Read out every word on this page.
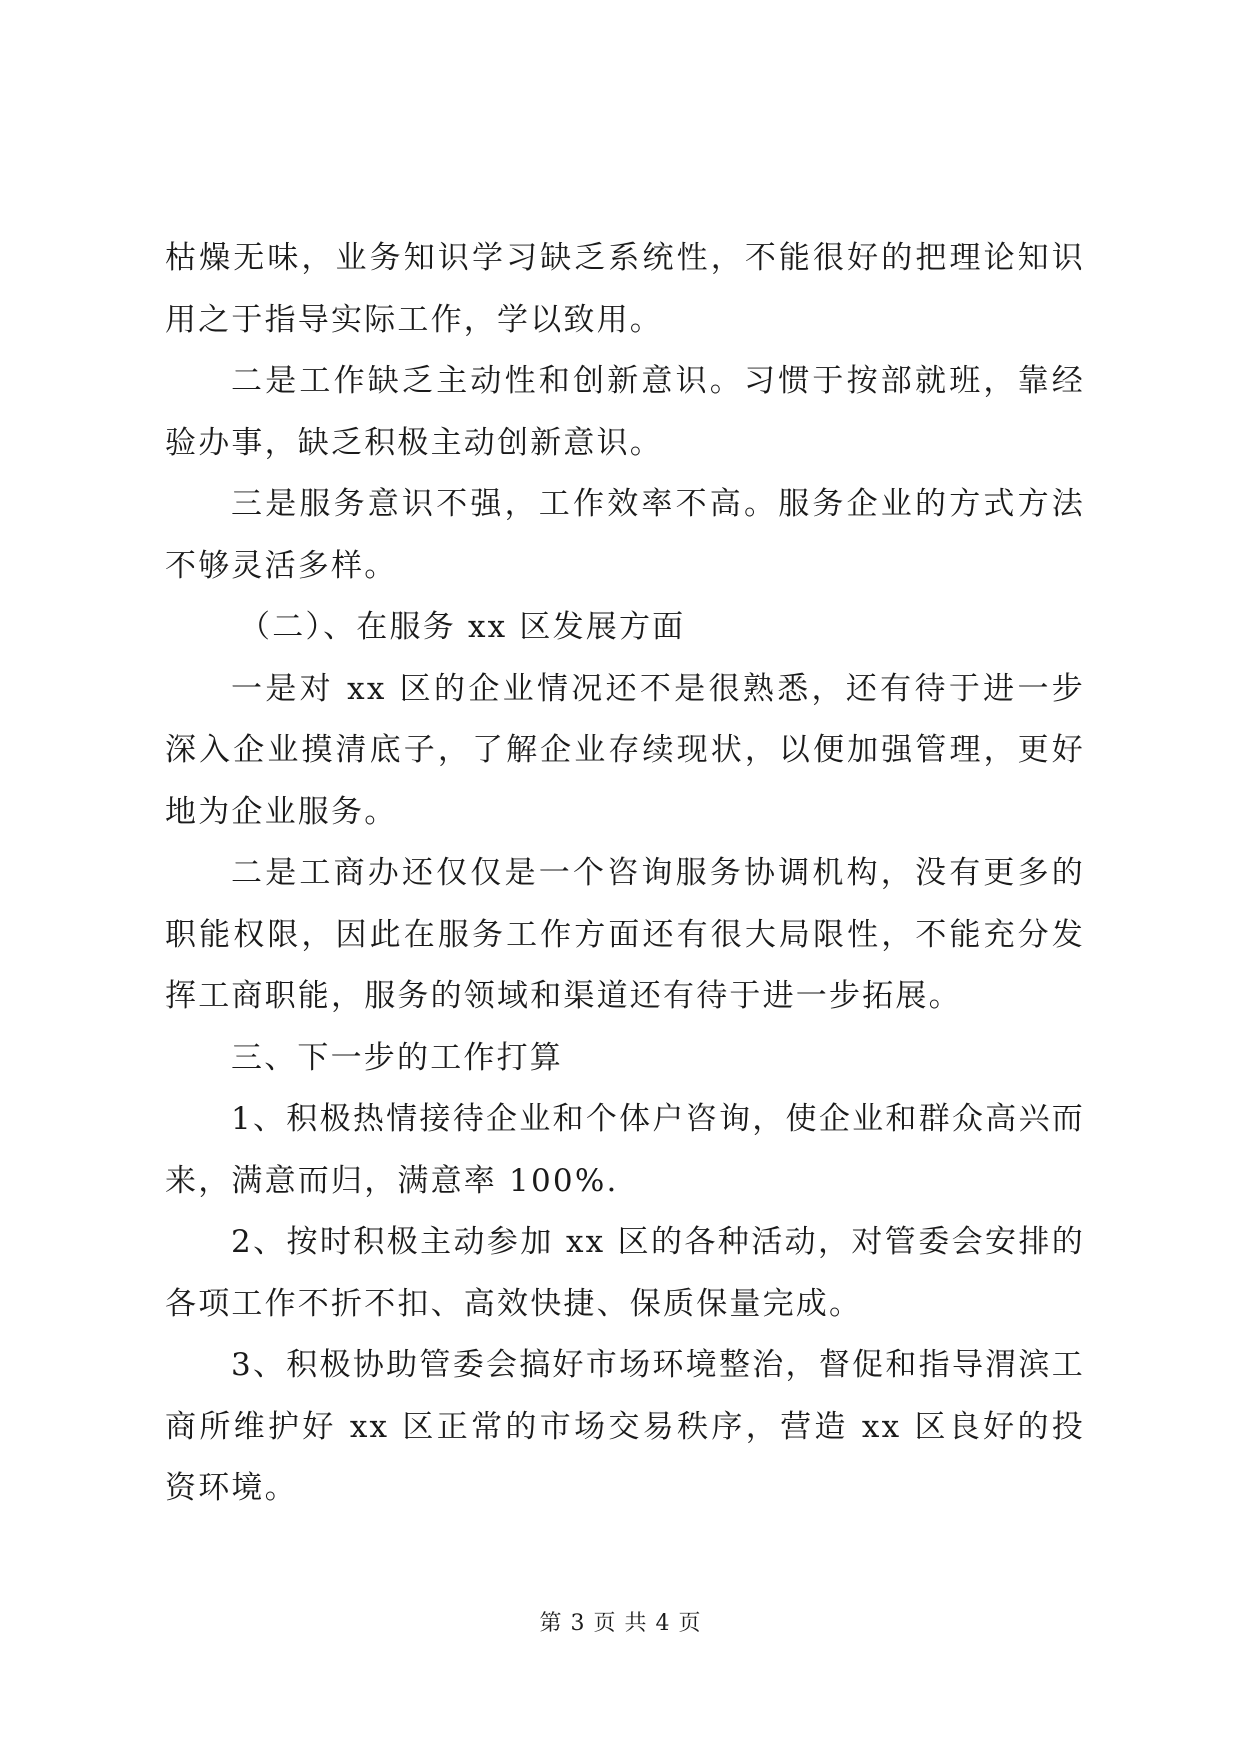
枯燥无味，业务知识学习缺乏系统性，不能很好的把理论知识用之于指导实际工作，学以致用。

二是工作缺乏主动性和创新意识。习惯于按部就班，靠经验办事，缺乏积极主动创新意识。

三是服务意识不强，工作效率不高。服务企业的方式方法不够灵活多样。

（二）、在服务 xx 区发展方面

一是对 xx 区的企业情况还不是很熟悉，还有待于进一步深入企业摸清底子，了解企业存续现状，以便加强管理，更好地为企业服务。

二是工商办还仅仅是一个咨询服务协调机构，没有更多的职能权限，因此在服务工作方面还有很大局限性，不能充分发挥工商职能，服务的领域和渠道还有待于进一步拓展。

三、下一步的工作打算

1、积极热情接待企业和个体户咨询，使企业和群众高兴而来，满意而归，满意率 100%.

2、按时积极主动参加 xx 区的各种活动，对管委会安排的各项工作不折不扣、高效快捷、保质保量完成。

3、积极协助管委会搞好市场环境整治，督促和指导渭滨工商所维护好 xx 区正常的市场交易秩序，营造 xx 区良好的投资环境。

第 3 页 共 4 页
